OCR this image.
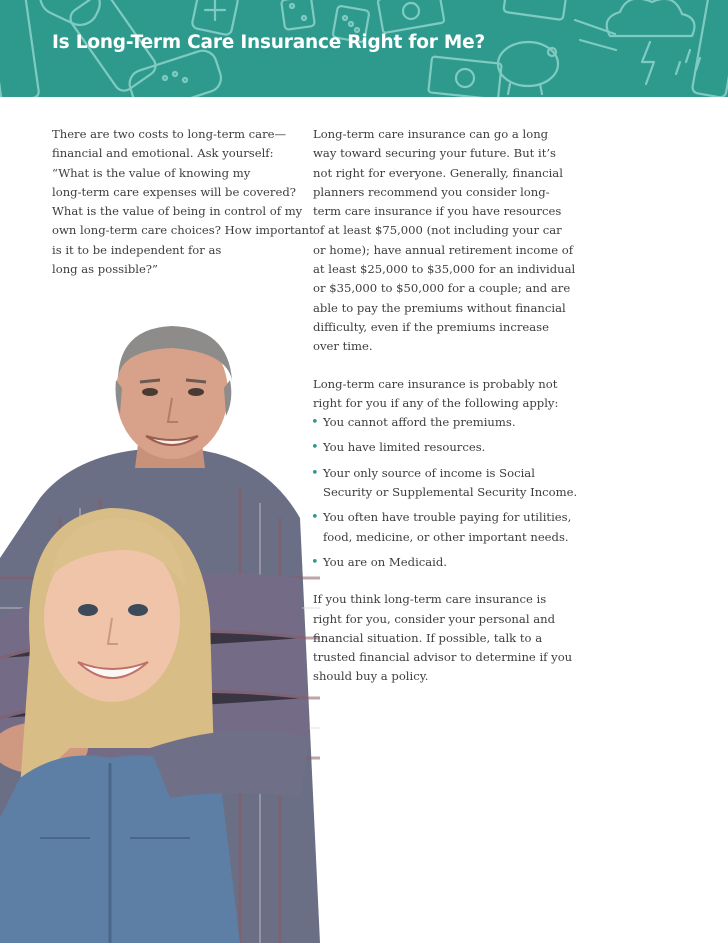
Is Long-Term Care Insurance Right for Me?
There are two costs to long-term care—
financial and emotional. Ask yourself:
“What is the value of knowing my
long-term care expenses will be covered?
What is the value of being in control of my
own long-term care choices? How important
is it to be independent for as
long as possible?”

Long-term care insurance can go a long
way toward securing your future. But it’s
not right for everyone. Generally, financial
planners recommend you consider long-
term care insurance if you have resources
of at least $75,000 (not including your car
or home); have annual retirement income of
at least $25,000 to $35,000 for an individual
or $35,000 to $50,000 for a couple; and are
able to pay the premiums without financial
difficulty, even if the premiums increase
over time.

Long-term care insurance is probably not
right for you if any of the following apply:

• You cannot afford the premiums.
• You have limited resources.
• Your only source of income is Social
Security or Supplemental Security Income.
• You often have trouble paying for utilities,
food, medicine, or other important needs.
• You are on Medicaid.

If you think long-term care insurance is
right for you, consider your personal and
financial situation. If possible, talk to a
trusted financial advisor to determine if you
should buy a policy.
